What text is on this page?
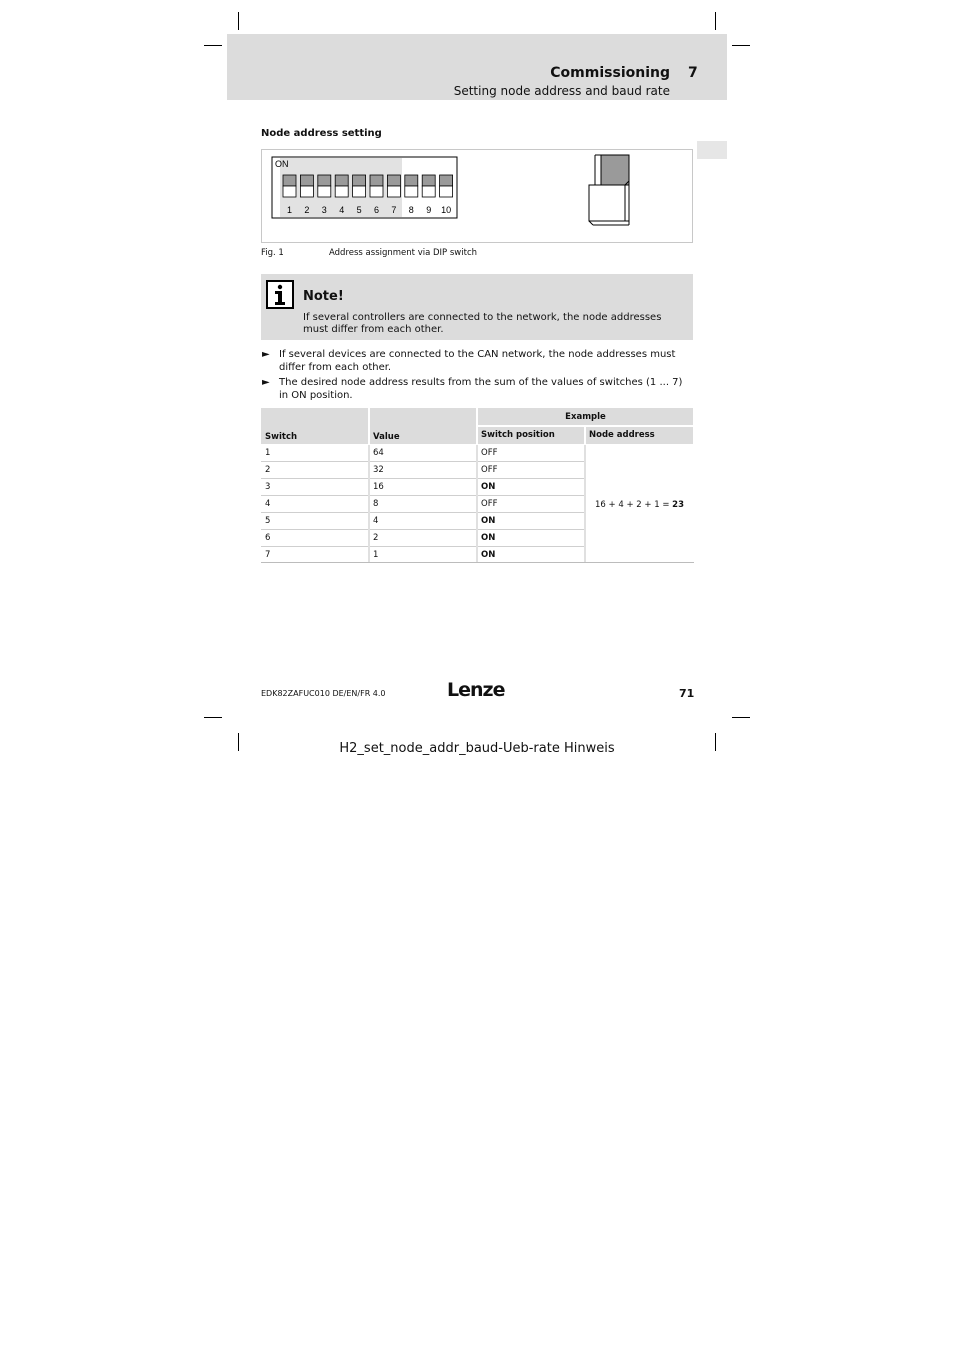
Commissioning 7
Setting node address and baud rate
Node address setting
ON
1 2 3 4 5 6 7 8 9 10
Fig. 1	Address assignment via DIP switch
Note!
If several controllers are connected to the network, the node addresses must differ from each other.
► If several devices are connected to the CAN network, the node addresses must differ from each other.
► The desired node address results from the sum of the values of switches (1 ... 7) in ON position.
Switch	Value
Example
Switch position	Node address
1	64	OFF
2	32	OFF
3	16	ON
4	8	OFF
5	4	ON
6	2	ON
7	1	ON
16 + 4 + 2 + 1 = 23
EDK82ZAFUC010 DE/EN/FR 4.0	Lenze	71
H2_set_node_addr_baud-Ueb-rate Hinweis
